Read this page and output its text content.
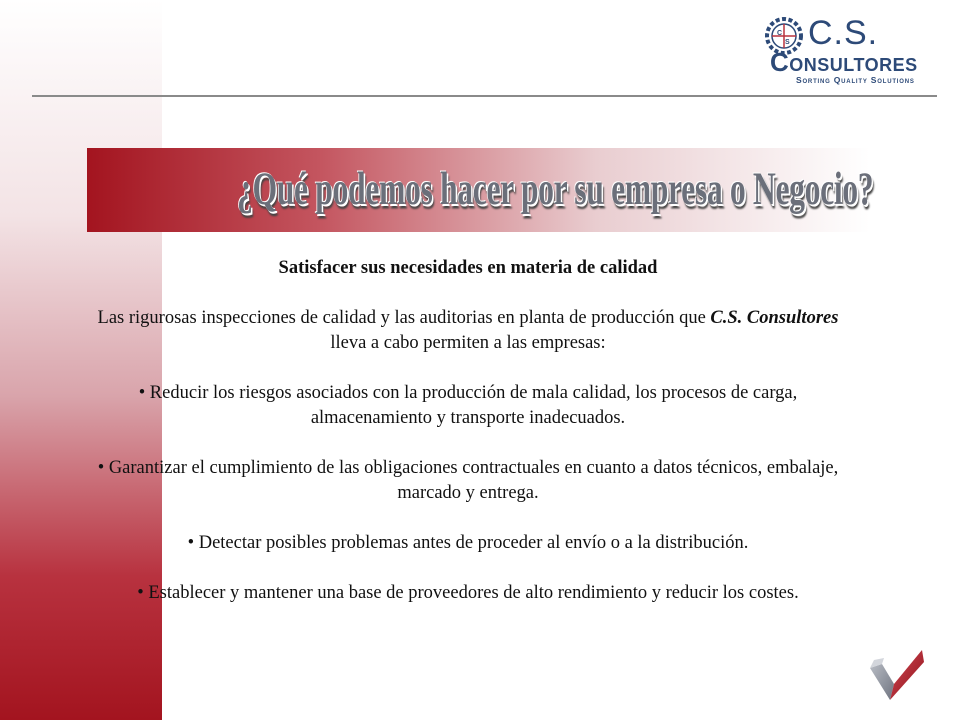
C
S C.S.
Consultores
Sorting Quality Solutions
¿Qué podemos hacer por su empresa o Negocio?

Satisfacer sus necesidades en materia de calidad

Las rigurosas inspecciones de calidad y las auditorias en planta de producción que C.S. Consultores lleva a cabo permiten a las empresas:

• Reducir los riesgos asociados con la producción de mala calidad, los procesos de carga, almacenamiento y transporte inadecuados.

• Garantizar el cumplimiento de las obligaciones contractuales en cuanto a datos técnicos, embalaje, marcado y entrega.

• Detectar posibles problemas antes de proceder al envío o a la distribución.

• Establecer y mantener una base de proveedores de alto rendimiento y reducir los costes.
